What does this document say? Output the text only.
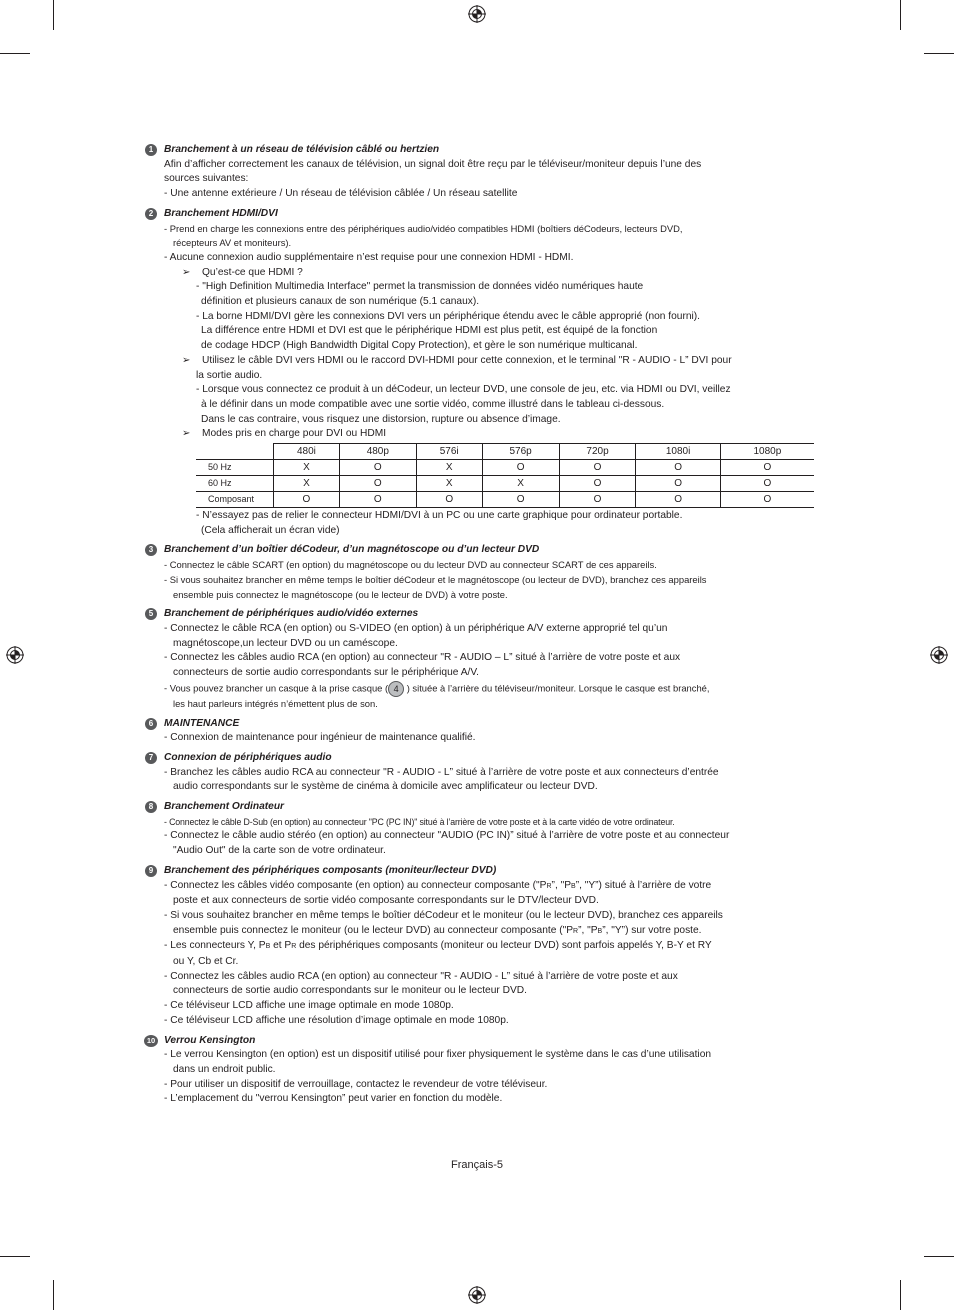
1	Branchement à un réseau de télévision câblé ou hertzien
Afin d’afficher correctement les canaux de télévision, un signal doit être reçu par le téléviseur/moniteur depuis l’une des
sources suivantes:
- Une antenne extérieure / Un réseau de télévision câblée / Un réseau satellite
2	Branchement HDMI/DVI
- Prend en charge les connexions entre des périphériques audio/vidéo compatibles HDMI (boîtiers déCodeurs, lecteurs DVD,
récepteurs AV et moniteurs).
- Aucune connexion audio supplémentaire n’est requise pour une connexion HDMI - HDMI.
➢ Qu’est-ce que HDMI ?
- "High Definition Multimedia Interface" permet la transmission de données vidéo numériques haute
définition et plusieurs canaux de son numérique (5.1 canaux).
- La borne HDMI/DVI gère les connexions DVI vers un périphérique étendu avec le câble approprié (non fourni).
La différence entre HDMI et DVI est que le périphérique HDMI est plus petit, est équipé de la fonction
de codage HDCP (High Bandwidth Digital Copy Protection), et gère le son numérique multicanal.
➢ Utilisez le câble DVI vers HDMI ou le raccord DVI-HDMI pour cette connexion, et le terminal "R - AUDIO - L” DVI pour
la sortie audio.
- Lorsque vous connectez ce produit à un déCodeur, un lecteur DVD, une console de jeu, etc. via HDMI ou DVI, veillez
à le définir dans un mode compatible avec une sortie vidéo, comme illustré dans le tableau ci-dessous.
Dans le cas contraire, vous risquez une distorsion, rupture ou absence d’image.
➢ Modes pris en charge pour DVI ou HDMI
	480i	480p	576i	576p	720p	1080i	1080p
50 Hz	X	O	X	O	O	O	O
60 Hz	X	O	X	X	O	O	O
Composant	O	O	O	O	O	O	O
- N’essayez pas de relier le connecteur HDMI/DVI à un PC ou une carte graphique pour ordinateur portable.
(Cela afficherait un écran vide)
3	Branchement d’un boîtier déCodeur, d’un magnétoscope ou d’un lecteur DVD
- Connectez le câble SCART (en option) du magnétoscope ou du lecteur DVD au connecteur SCART de ces appareils.
- Si vous souhaitez brancher en même temps le boîtier déCodeur et le magnétoscope (ou lecteur de DVD), branchez ces appareils
ensemble puis connectez le magnétoscope (ou le lecteur de DVD) à votre poste.
5	Branchement de périphériques audio/vidéo externes
- Connectez le câble RCA (en option) ou S-VIDEO (en option) à un périphérique A/V externe approprié tel qu’un
magnétoscope,un lecteur DVD ou un caméscope.
- Connectez les câbles audio RCA (en option) au connecteur "R - AUDIO – L” situé à l’arrière de votre poste et aux
connecteurs de sortie audio correspondants sur le périphérique A/V.
- Vous pouvez brancher un casque à la prise casque ( 4 ) située à l’arrière du téléviseur/moniteur. Lorsque le casque est branché,
les haut parleurs intégrés n’émettent plus de son.
6	MAINTENANCE
- Connexion de maintenance pour ingénieur de maintenance qualifié.
7	Connexion de périphériques audio
- Branchez les câbles audio RCA au connecteur "R - AUDIO - L” situé à l’arrière de votre poste et aux connecteurs d’entrée
audio correspondants sur le système de cinéma à domicile avec amplificateur ou lecteur DVD.
8	Branchement Ordinateur
- Connectez le câble D-Sub (en option) au connecteur "PC (PC IN)" situé à l’arrière de votre poste et à la carte vidéo de votre ordinateur.
- Connectez le câble audio stéréo (en option) au connecteur "AUDIO (PC IN)” situé à l’arrière de votre poste et au connecteur
"Audio Out" de la carte son de votre ordinateur.
9	Branchement des périphériques composants (moniteur/lecteur DVD)
- Connectez les câbles vidéo composante (en option) au connecteur composante ("PR”, "PB”, "Y”) situé à l’arrière de votre
poste et aux connecteurs de sortie vidéo composante correspondants sur le DTV/lecteur DVD.
- Si vous souhaitez brancher en même temps le boîtier déCodeur et le moniteur (ou le lecteur DVD), branchez ces appareils
ensemble puis connectez le moniteur (ou le lecteur DVD) au connecteur composante ("PR”, "PB”, "Y”) sur votre poste.
- Les connecteurs Y, PB et PR des périphériques composants (moniteur ou lecteur DVD) sont parfois appelés Y, B-Y et RY
ou Y, Cb et Cr.
- Connectez les câbles audio RCA (en option) au connecteur "R - AUDIO - L” situé à l’arrière de votre poste et aux
connecteurs de sortie audio correspondants sur le moniteur ou le lecteur DVD.
- Ce téléviseur LCD affiche une image optimale en mode 1080p.
- Ce téléviseur LCD affiche une résolution d’image optimale en mode 1080p.
10 Verrou Kensington
- Le verrou Kensington (en option) est un dispositif utilisé pour fixer physiquement le système dans le cas d’une utilisation
dans un endroit public.
- Pour utiliser un dispositif de verrouillage, contactez le revendeur de votre téléviseur.
- L’emplacement du "verrou Kensington” peut varier en fonction du modèle.
Français-5
